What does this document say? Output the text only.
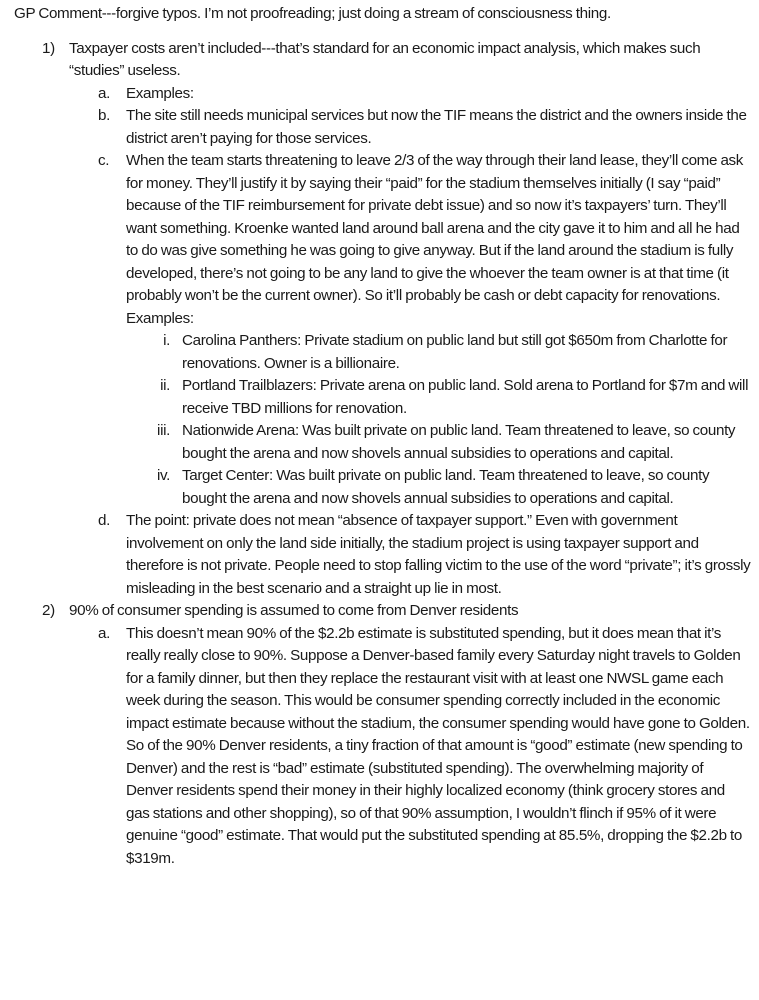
GP Comment---forgive typos. I’m not proofreading; just doing a stream of consciousness thing.
1) Taxpayer costs aren’t included---that’s standard for an economic impact analysis, which makes such “studies” useless.
a. Examples:
b. The site still needs municipal services but now the TIF means the district and the owners inside the district aren’t paying for those services.
c. When the team starts threatening to leave 2/3 of the way through their land lease, they’ll come ask for money. They’ll justify it by saying their “paid” for the stadium themselves initially (I say “paid” because of the TIF reimbursement for private debt issue) and so now it’s taxpayers’ turn. They’ll want something. Kroenke wanted land around ball arena and the city gave it to him and all he had to do was give something he was going to give anyway. But if the land around the stadium is fully developed, there’s not going to be any land to give the whoever the team owner is at that time (it probably won’t be the current owner). So it’ll probably be cash or debt capacity for renovations. Examples:
i. Carolina Panthers: Private stadium on public land but still got $650m from Charlotte for renovations. Owner is a billionaire.
ii. Portland Trailblazers: Private arena on public land. Sold arena to Portland for $7m and will receive TBD millions for renovation.
iii. Nationwide Arena: Was built private on public land. Team threatened to leave, so county bought the arena and now shovels annual subsidies to operations and capital.
iv. Target Center: Was built private on public land. Team threatened to leave, so county bought the arena and now shovels annual subsidies to operations and capital.
d. The point: private does not mean “absence of taxpayer support.” Even with government involvement on only the land side initially, the stadium project is using taxpayer support and therefore is not private. People need to stop falling victim to the use of the word “private”; it’s grossly misleading in the best scenario and a straight up lie in most.
2) 90% of consumer spending is assumed to come from Denver residents
a. This doesn’t mean 90% of the $2.2b estimate is substituted spending, but it does mean that it’s really really close to 90%. Suppose a Denver-based family every Saturday night travels to Golden for a family dinner, but then they replace the restaurant visit with at least one NWSL game each week during the season. This would be consumer spending correctly included in the economic impact estimate because without the stadium, the consumer spending would have gone to Golden. So of the 90% Denver residents, a tiny fraction of that amount is “good” estimate (new spending to Denver) and the rest is “bad” estimate (substituted spending). The overwhelming majority of Denver residents spend their money in their highly localized economy (think grocery stores and gas stations and other shopping), so of that 90% assumption, I wouldn’t flinch if 95% of it were genuine “good” estimate. That would put the substituted spending at 85.5%, dropping the $2.2b to $319m.
